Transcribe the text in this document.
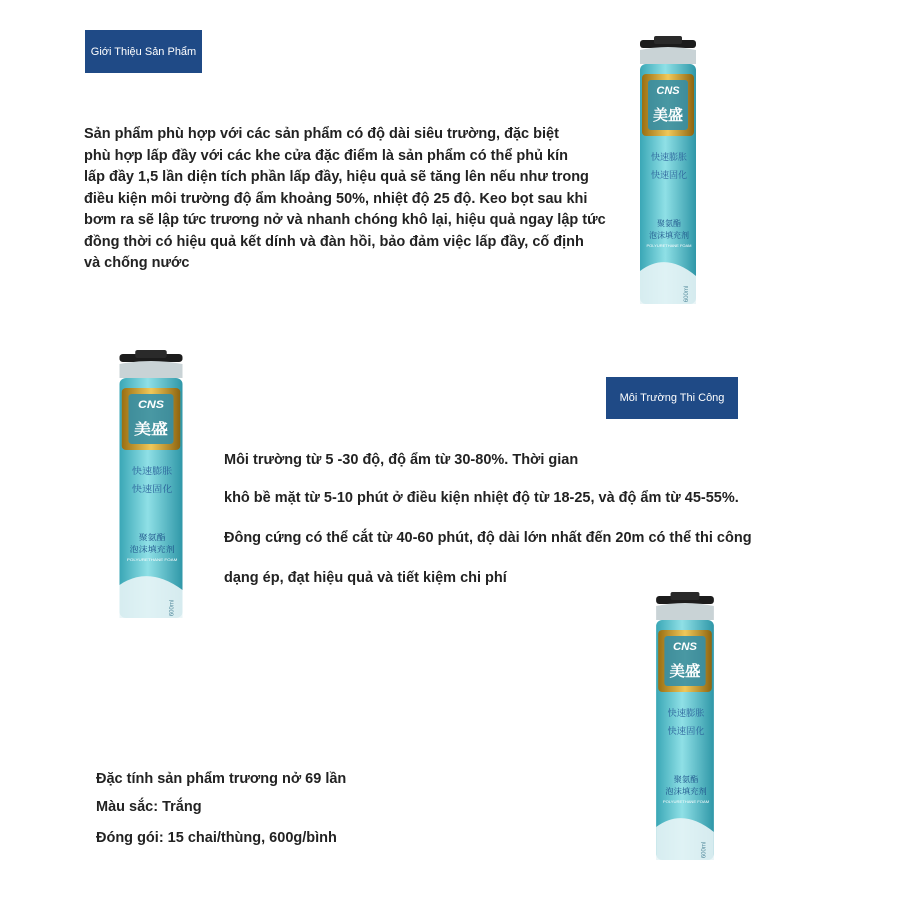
Giới Thiệu Sản Phẩm
Sản phẩm phù hợp với các sản phẩm có độ dài siêu trường, đặc biệt
phù hợp lấp đầy với các khe cửa đặc điểm là sản phẩm có thể phủ kín
lấp đầy 1,5 lần diện tích phần lấp đầy, hiệu quả sẽ tăng lên nếu như trong
điều kiện môi trường độ ẩm khoảng 50%, nhiệt độ 25 độ. Keo bọt sau khi
bơm ra sẽ lập tức trương nở và nhanh chóng khô lại, hiệu quả ngay lập tức
đồng thời có hiệu quả kết dính và đàn hồi, bảo đảm việc lấp đầy, cố định
và chống nước
Môi Trường Thi Công
Môi trường từ 5 -30 độ, độ ẩm từ 30-80%. Thời gian
khô bề mặt từ 5-10 phút ở điều kiện nhiệt độ từ 18-25, và độ ẩm từ 45-55%.
Đông cứng có thể cắt từ 40-60 phút, độ dài lớn nhất đến 20m có thể thi công
dạng ép, đạt hiệu quả và tiết kiệm chi phí
Đặc tính sản phẩm trương nở 69 lần
Màu sắc: Trắng
Đóng gói: 15 chai/thùng, 600g/bình
CNS
美盛
快速膨胀
快速固化
聚氨酯
泡沫填充剂
POLYURETHANE FOAM
600ml
CNS
美盛
快速膨胀
快速固化
聚氨酯
泡沫填充剂
POLYURETHANE FOAM
600ml
CNS
美盛
快速膨胀
快速固化
聚氨酯
泡沫填充剂
POLYURETHANE FOAM
600ml
